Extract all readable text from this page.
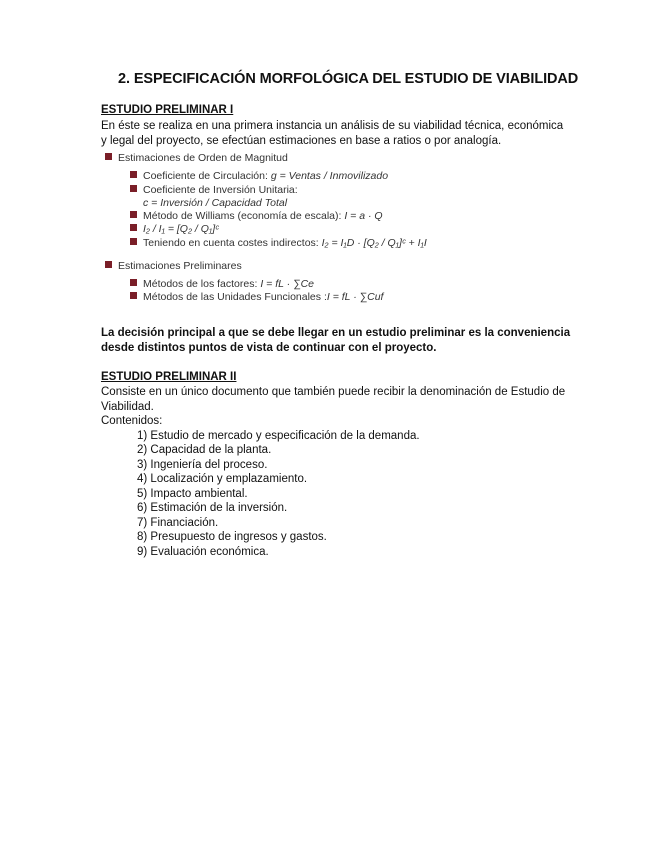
2. ESPECIFICACIÓN MORFOLÓGICA DEL ESTUDIO DE VIABILIDAD
ESTUDIO PRELIMINAR I
En éste se realiza en una primera instancia un análisis de su viabilidad técnica, económica y legal del proyecto, se efectúan estimaciones en base a ratios o por analogía.
Estimaciones de Orden de Magnitud
Coeficiente de Circulación: g = Ventas / Inmovilizado
Coeficiente de Inversión Unitaria:
c = Inversión / Capacidad Total
Método de Williams (economía de escala): I = a · Q
I₂ / I₁ = [Q₂ / Q₁]ᶜ
Teniendo en cuenta costes indirectos: I₂ = I₁D · [Q₂ / Q₁]ᶜ + I₁I
Estimaciones Preliminares
Métodos de los factores: I = fL · ∑Ce
Métodos de las Unidades Funcionales :I = fL · ∑Cuf
La decisión principal a que se debe llegar en un estudio preliminar es la conveniencia desde distintos puntos de vista de continuar con el proyecto.
ESTUDIO PRELIMINAR II
Consiste en un único documento que también puede recibir la denominación de Estudio de Viabilidad.
Contenidos:
1) Estudio de mercado y especificación de la demanda.
2) Capacidad de la planta.
3) Ingeniería del proceso.
4) Localización y emplazamiento.
5) Impacto ambiental.
6) Estimación de la inversión.
7) Financiación.
8) Presupuesto de ingresos y gastos.
9) Evaluación económica.
